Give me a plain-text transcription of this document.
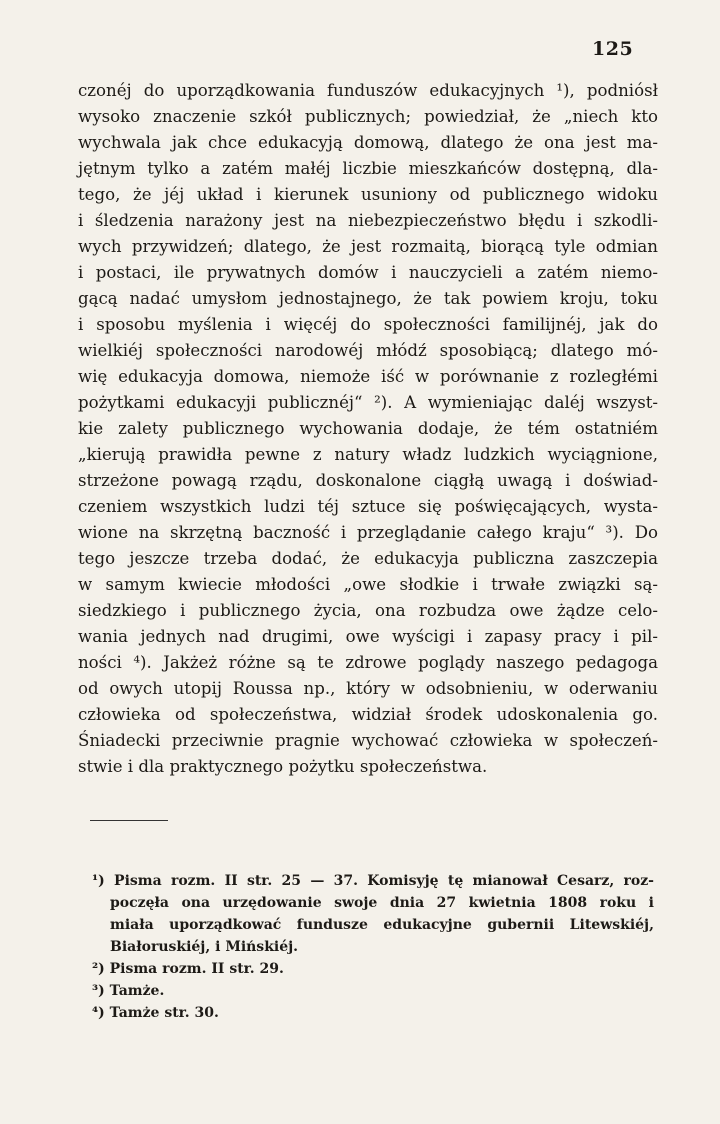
125
czonéj do uporządkowania funduszów edukacyjnych ¹), podniósł
wysoko znaczenie szkół publicznych; powiedział, że „niech kto
wychwala jak chce edukacyją domową, dlatego że ona jest ma-
jętnym tylko a zatém małéj liczbie mieszkańców dostępną, dla-
tego, że jéj układ i kierunek usuniony od publicznego widoku
i śledzenia narażony jest na niebezpieczeństwo błędu i szkodli-
wych przywidzeń; dlatego, że jest rozmaitą, biorącą tyle odmian
i postaci, ile prywatnych domów i nauczycieli a zatém niemo-
gącą nadać umysłom jednostajnego, że tak powiem kroju, toku
i sposobu myślenia i więcéj do społeczności familijnéj, jak do
wielkiéj społeczności narodowéj młódź sposobiącą; dlatego mó-
wię edukacyja domowa, niemoże iść w porównanie z rozległémi
pożytkami edukacyji publicznéj“ ²). A wymieniając daléj wszyst-
kie zalety publicznego wychowania dodaje, że tém ostatniém
„kierują prawidła pewne z natury władz ludzkich wyciągnione,
strzeżone powagą rządu, doskonalone ciągłą uwagą i doświad-
czeniem wszystkich ludzi téj sztuce się poświęcających, wysta-
wione na skrzętną baczność i przeglądanie całego kraju“ ³). Do
tego jeszcze trzeba dodać, że edukacyja publiczna zaszczepia
w samym kwiecie młodości „owe słodkie i trwałe związki są-
siedzkiego i publicznego życia, ona rozbudza owe żądze celo-
wania jednych nad drugimi, owe wyścigi i zapasy pracy i pil-
ności ⁴). Jakżeż różne są te zdrowe poglądy naszego pedagoga
od owych utopij Roussa np., który w odsobnieniu, w oderwaniu
człowieka od społeczeństwa, widział środek udoskonalenia go.
Śniadecki przeciwnie pragnie wychować człowieka w społeczeń-
stwie i dla praktycznego pożytku społeczeństwa.
¹) Pisma rozm. II str. 25 — 37. Komisyję tę mianował Cesarz, roz-
poczęła ona urzędowanie swoje dnia 27 kwietnia 1808 roku i
miała uporządkować fundusze edukacyjne gubernii Litewskiéj,
Białoruskiéj, i Mińskiéj.
²) Pisma rozm. II str. 29.
³) Tamże.
⁴) Tamże str. 30.
